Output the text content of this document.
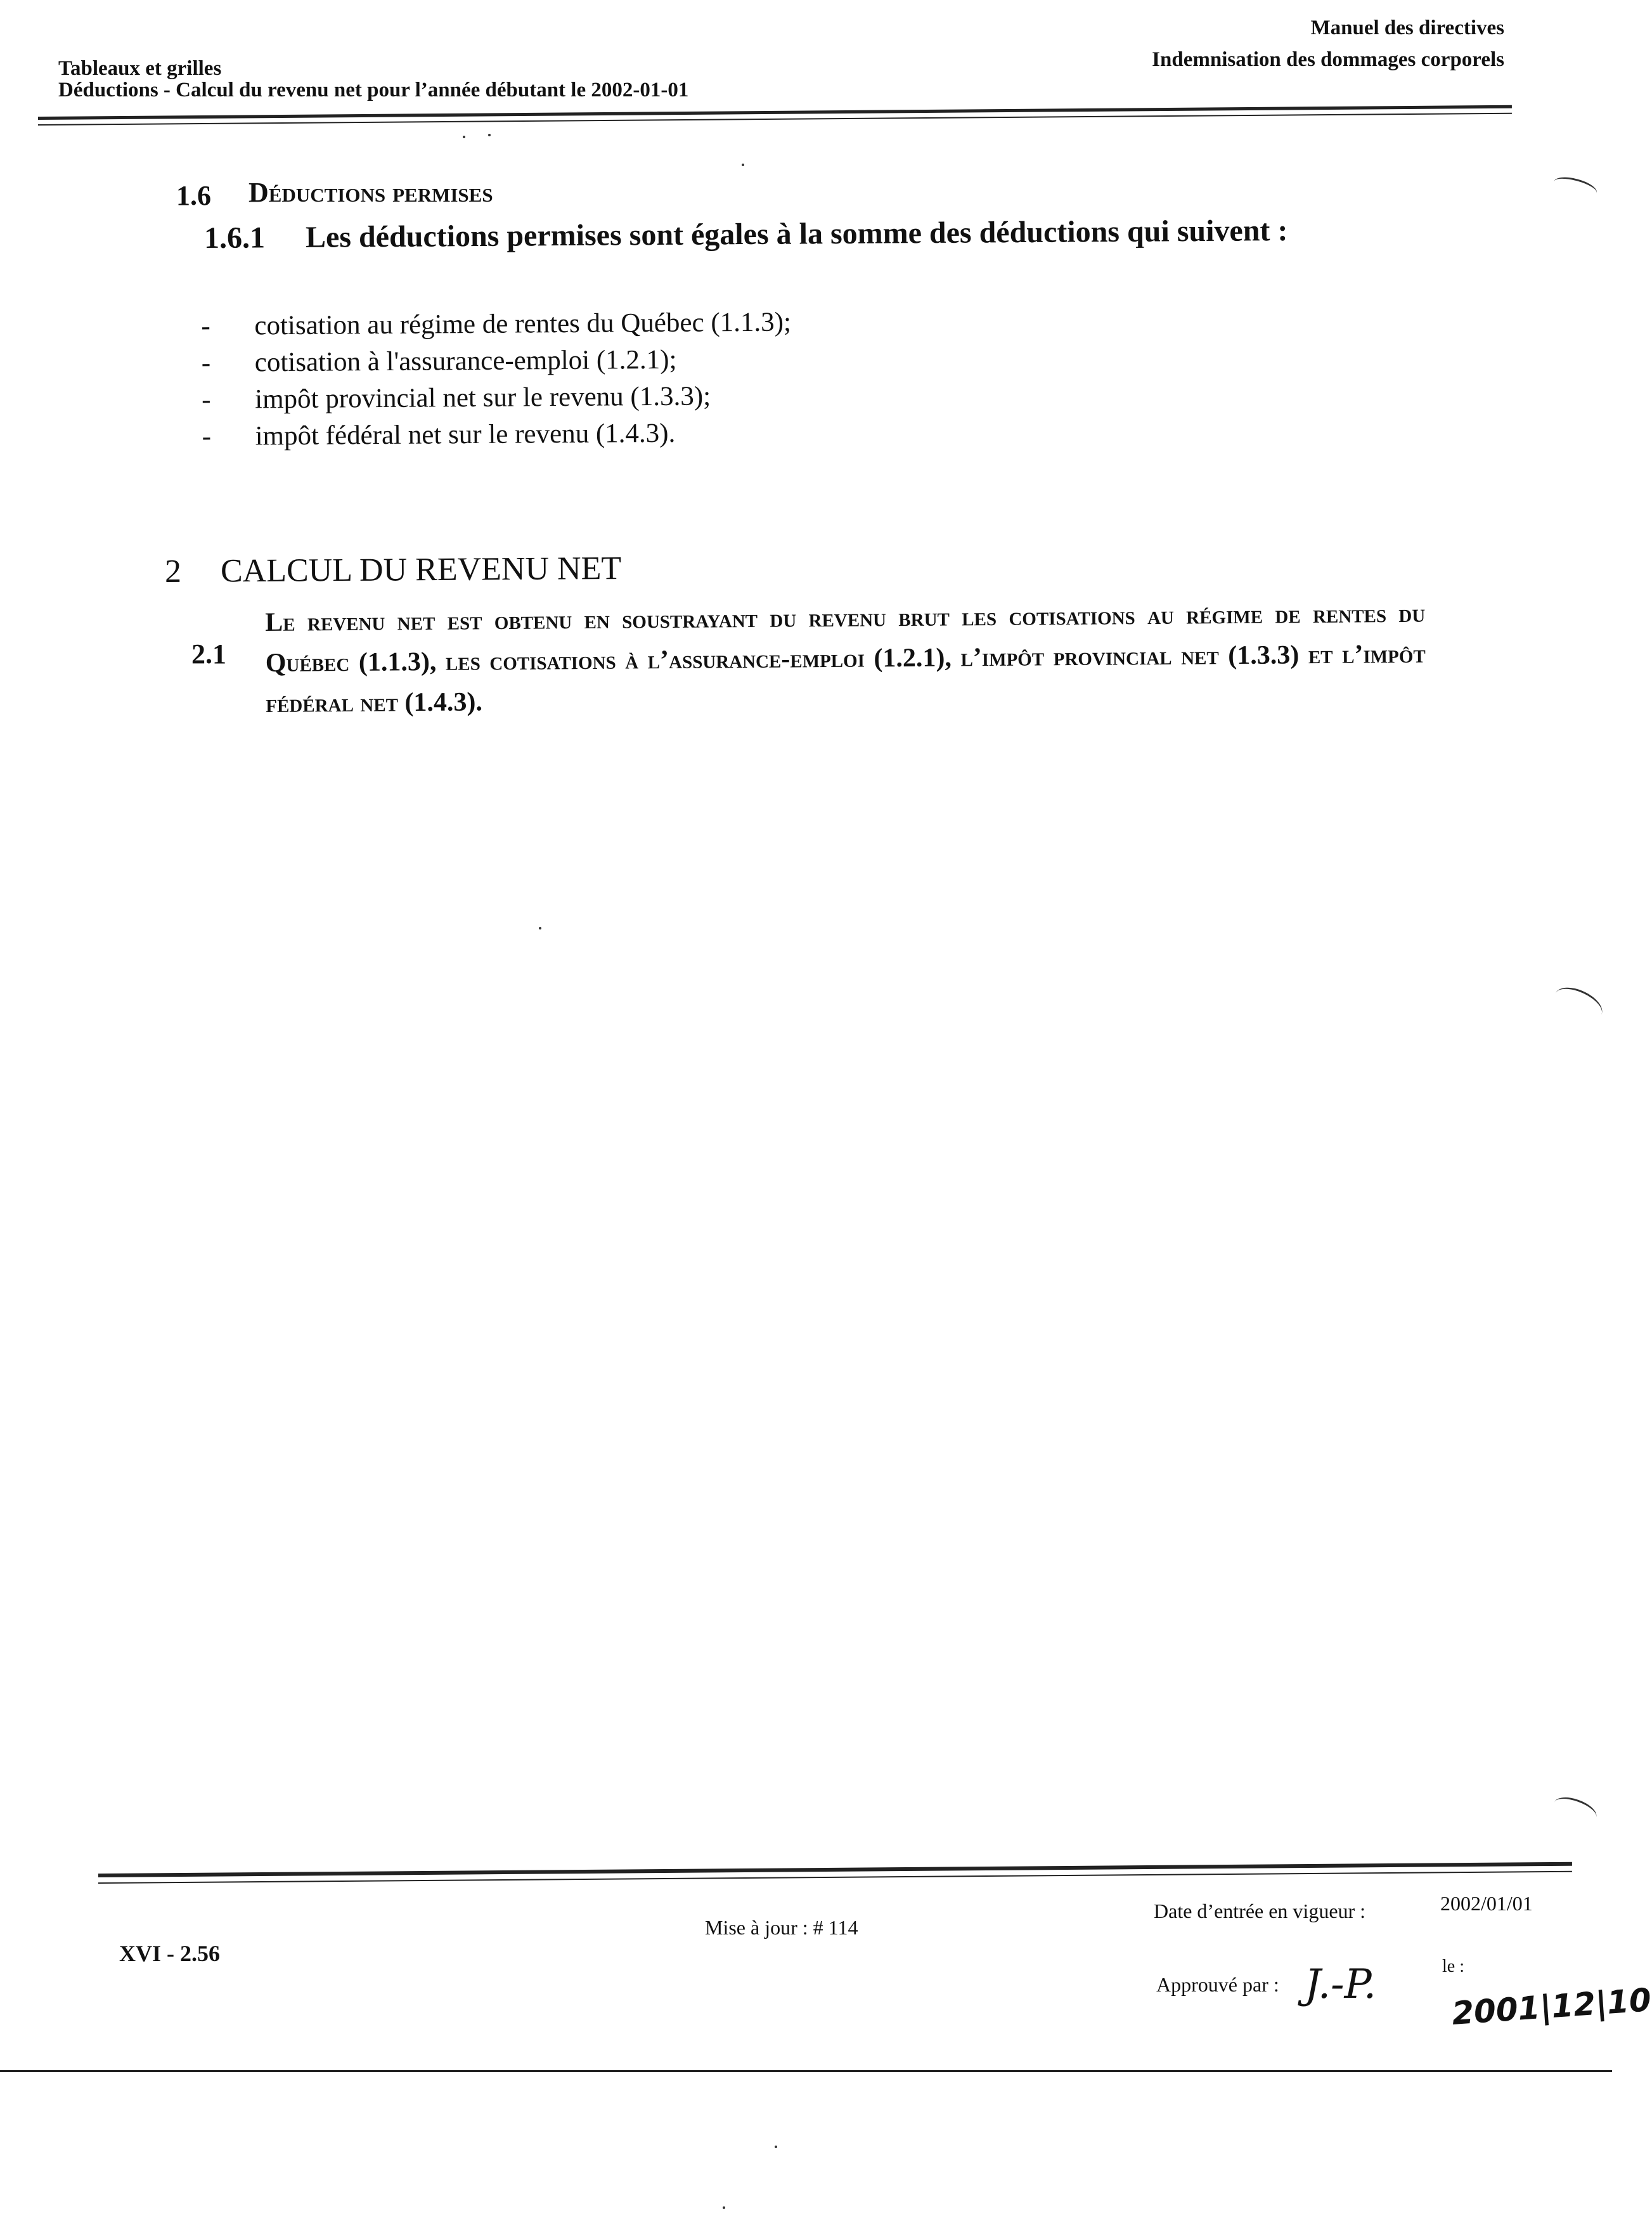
Tableaux et grilles
Déductions - Calcul du revenu net pour l’année débutant le 2002-01-01
Manuel des directives
Indemnisation des dommages corporels
1.6 Déductions permises
1.6.1 Les déductions permises sont égales à la somme des déductions qui suivent :
- cotisation au régime de rentes du Québec (1.1.3);
- cotisation à l'assurance-emploi (1.2.1);
- impôt provincial net sur le revenu (1.3.3);
- impôt fédéral net sur le revenu (1.4.3).
2 CALCUL DU REVENU NET
2.1
Le revenu net est obtenu en soustrayant du revenu brut les cotisations au régime de rentes du Québec (1.1.3), les cotisations à l’assurance-emploi (1.2.1), l’impôt provincial net (1.3.3) et l’impôt fédéral net (1.4.3).
XVI - 2.56
Mise à jour : # 114
Date d’entrée en vigueur :	2002/01/01
Approuvé par : J.-P.	le :
2001|12|10
